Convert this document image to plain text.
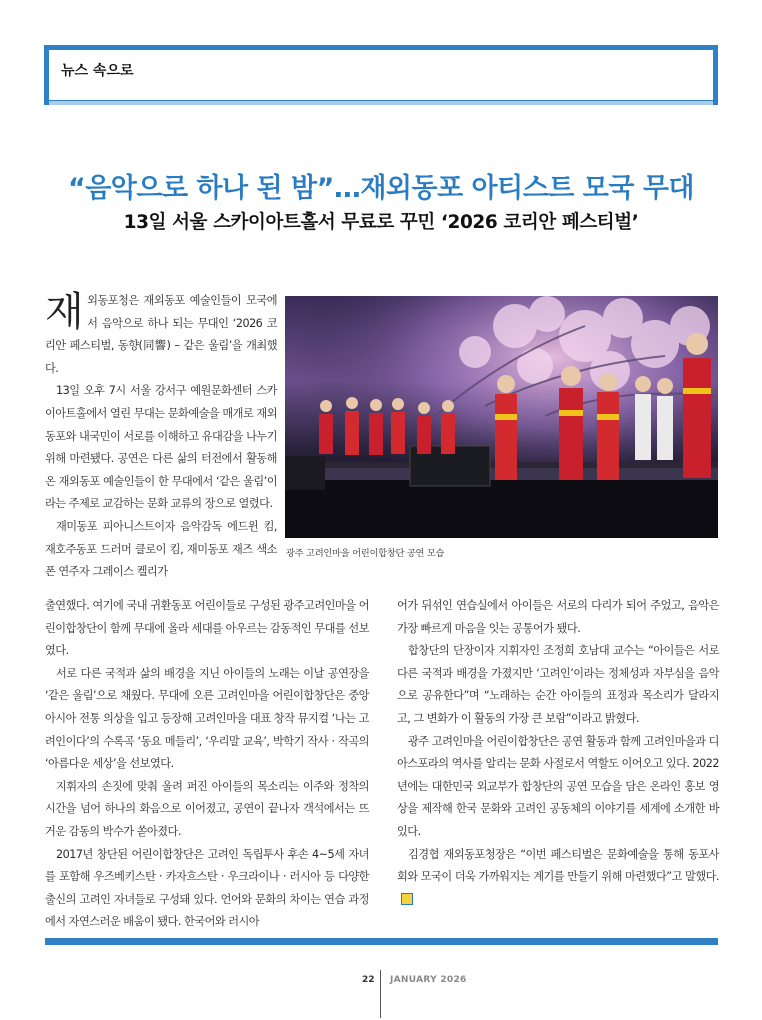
뉴스 속으로
“음악으로 하나 된 밤”…재외동포 아티스트 모국 무대
13일 서울 스카이아트홀서 무료로 꾸민 ‘2026 코리안 페스티벌’

재외동포청은 재외동포 예술인들이 모국에서 음악으로 하나 되는 무대인 ‘2026 코리안 페스티벌, 동향(同響) – 같은 울림’을 개최했다.

13일 오후 7시 서울 강서구 예원문화센터 스카이아트홀에서 열린 무대는 문화예술을 매개로 재외동포와 내국민이 서로를 이해하고 유대감을 나누기 위해 마련됐다. 공연은 다른 삶의 터전에서 활동해 온 재외동포 예술인들이 한 무대에서 ‘같은 울림’이라는 주제로 교감하는 문화 교류의 장으로 열렸다.

재미동포 피아니스트이자 음악감독 에드윈 킴, 재호주동포 드러머 클로이 킴, 재미동포 재즈 색소폰 연주자 그레이스 켈리가

광주 고려인마을 어린이합창단 공연 모습

출연했다. 여기에 국내 귀환동포 어린이들로 구성된 광주고려인마을 어린이합창단이 함께 무대에 올라 세대를 아우르는 감동적인 무대를 선보였다.

서로 다른 국적과 삶의 배경을 지닌 아이들의 노래는 이날 공연장을 ‘같은 울림’으로 채웠다. 무대에 오른 고려인마을 어린이합창단은 중앙아시아 전통 의상을 입고 등장해 고려인마을 대표 창작 뮤지컬 ‘나는 고려인이다’의 수록곡 ‘동요 메들리’, ‘우리말 교육’, 박학기 작사 · 작곡의 ‘아름다운 세상’을 선보였다.

지휘자의 손짓에 맞춰 울려 퍼진 아이들의 목소리는 이주와 정착의 시간을 넘어 하나의 화음으로 이어졌고, 공연이 끝나자 객석에서는 뜨거운 감동의 박수가 쏟아졌다.

2017년 창단된 어린이합창단은 고려인 독립투사 후손 4~5세 자녀를 포함해 우즈베키스탄 · 카자흐스탄 · 우크라이나 · 러시아 등 다양한 출신의 고려인 자녀들로 구성돼 있다. 언어와 문화의 차이는 연습 과정에서 자연스러운 배움이 됐다. 한국어와 러시아

어가 뒤섞인 연습실에서 아이들은 서로의 다리가 되어 주었고, 음악은 가장 빠르게 마음을 잇는 공통어가 됐다.

합창단의 단장이자 지휘자인 조정희 호남대 교수는 “아이들은 서로 다른 국적과 배경을 가졌지만 ‘고려인’이라는 정체성과 자부심을 음악으로 공유한다”며 “노래하는 순간 아이들의 표정과 목소리가 달라지고, 그 변화가 이 활동의 가장 큰 보람”이라고 밝혔다.

광주 고려인마을 어린이합창단은 공연 활동과 함께 고려인마을과 디아스포라의 역사를 알리는 문화 사절로서 역할도 이어오고 있다. 2022년에는 대한민국 외교부가 합창단의 공연 모습을 담은 온라인 홍보 영상을 제작해 한국 문화와 고려인 공동체의 이야기를 세계에 소개한 바 있다.

김경협 재외동포청장은 “이번 페스티벌은 문화예술을 통해 동포사회와 모국이 더욱 가까워지는 계기를 만들기 위해 마련했다”고 말했다.

22 JANUARY 2026
